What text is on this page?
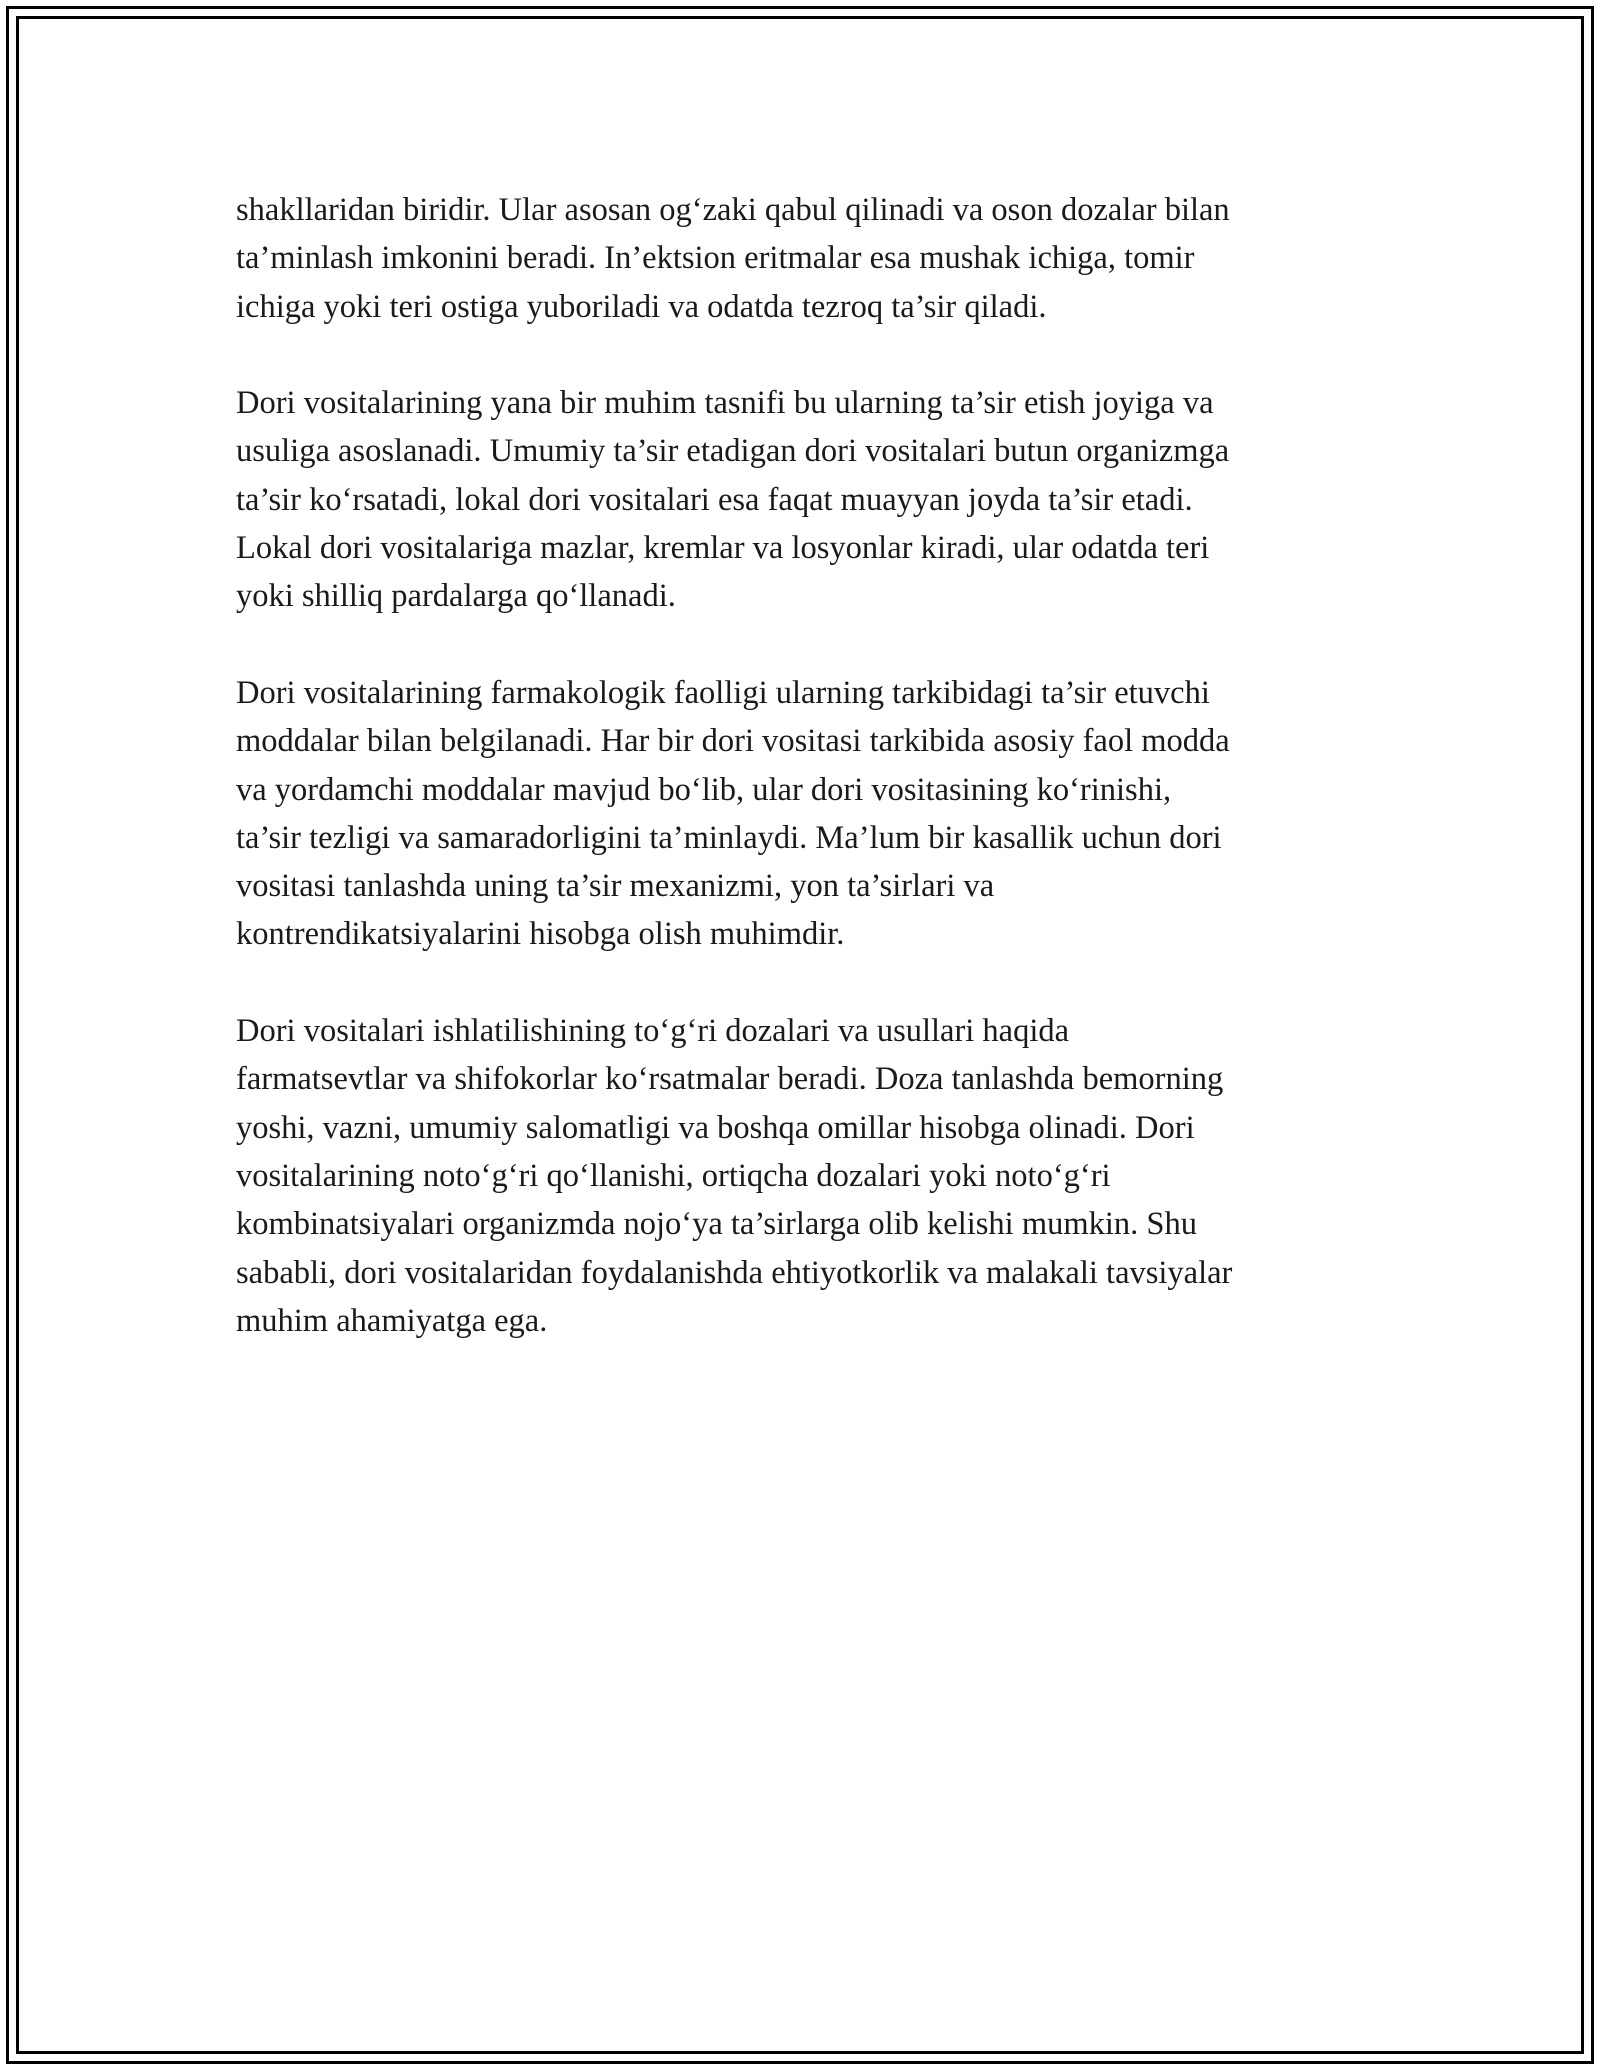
shakllaridan biridir. Ular asosan og‘zaki qabul qilinadi va oson dozalar bilan
ta’minlash imkonini beradi. In’ektsion eritmalar esa mushak ichiga, tomir
ichiga yoki teri ostiga yuboriladi va odatda tezroq ta’sir qiladi.

Dori vositalarining yana bir muhim tasnifi bu ularning ta’sir etish joyiga va
usuliga asoslanadi. Umumiy ta’sir etadigan dori vositalari butun organizmga
ta’sir ko‘rsatadi, lokal dori vositalari esa faqat muayyan joyda ta’sir etadi.
Lokal dori vositalariga mazlar, kremlar va losyonlar kiradi, ular odatda teri
yoki shilliq pardalarga qo‘llanadi.

Dori vositalarining farmakologik faolligi ularning tarkibidagi ta’sir etuvchi
moddalar bilan belgilanadi. Har bir dori vositasi tarkibida asosiy faol modda
va yordamchi moddalar mavjud bo‘lib, ular dori vositasining ko‘rinishi,
ta’sir tezligi va samaradorligini ta’minlaydi. Ma’lum bir kasallik uchun dori
vositasi tanlashda uning ta’sir mexanizmi, yon ta’sirlari va
kontrendikatsiyalarini hisobga olish muhimdir.

Dori vositalari ishlatilishining to‘g‘ri dozalari va usullari haqida
farmatsevtlar va shifokorlar ko‘rsatmalar beradi. Doza tanlashda bemorning
yoshi, vazni, umumiy salomatligi va boshqa omillar hisobga olinadi. Dori
vositalarining noto‘g‘ri qo‘llanishi, ortiqcha dozalari yoki noto‘g‘ri
kombinatsiyalari organizmda nojo‘ya ta’sirlarga olib kelishi mumkin. Shu
sababli, dori vositalaridan foydalanishda ehtiyotkorlik va malakali tavsiyalar
muhim ahamiyatga ega.
